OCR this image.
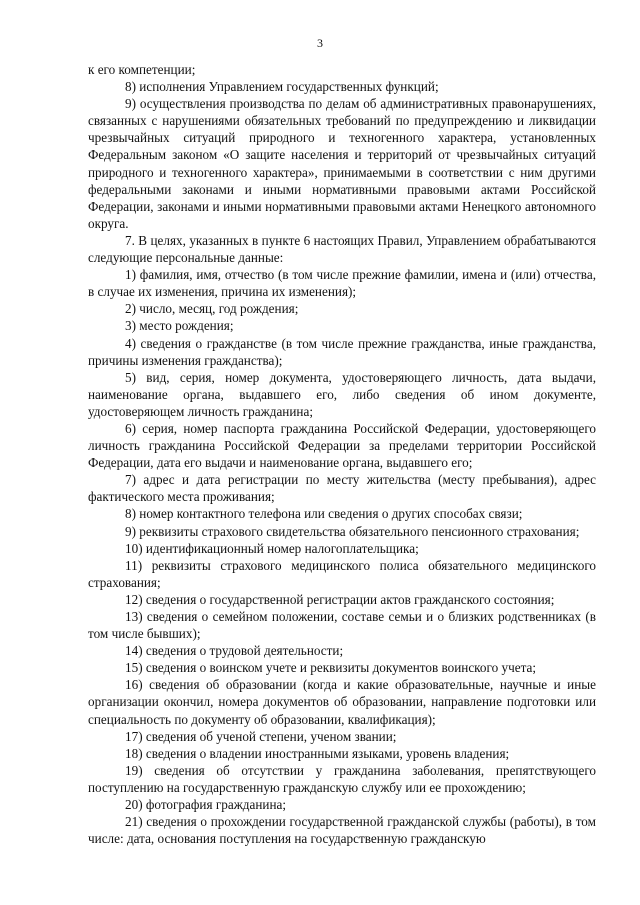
3

к его компетенции;

8) исполнения Управлением государственных функций;

9) осуществления производства по делам об административных правонарушениях, связанных с нарушениями обязательных требований по предупреждению и ликвидации чрезвычайных ситуаций природного и техногенного характера, установленных Федеральным законом «О защите населения и территорий от чрезвычайных ситуаций природного и техногенного характера», принимаемыми в соответствии с ним другими федеральными законами и иными нормативными правовыми актами Российской Федерации, законами и иными нормативными правовыми актами Ненецкого автономного округа.

7. В целях, указанных в пункте 6 настоящих Правил, Управлением обрабатываются следующие персональные данные:

1) фамилия, имя, отчество (в том числе прежние фамилии, имена и (или) отчества, в случае их изменения, причина их изменения);

2) число, месяц, год рождения;

3) место рождения;

4) сведения о гражданстве (в том числе прежние гражданства, иные гражданства, причины изменения гражданства);

5) вид, серия, номер документа, удостоверяющего личность, дата выдачи, наименование органа, выдавшего его, либо сведения об ином документе, удостоверяющем личность гражданина;

6) серия, номер паспорта гражданина Российской Федерации, удостоверяющего личность гражданина Российской Федерации за пределами территории Российской Федерации, дата его выдачи и наименование органа, выдавшего его;

7) адрес и дата регистрации по месту жительства (месту пребывания), адрес фактического места проживания;

8) номер контактного телефона или сведения о других способах связи;

9) реквизиты страхового свидетельства обязательного пенсионного страхования;

10) идентификационный номер налогоплательщика;

11) реквизиты страхового медицинского полиса обязательного медицинского страхования;

12) сведения о государственной регистрации актов гражданского состояния;

13) сведения о семейном положении, составе семьи и о близких родственниках (в том числе бывших);

14) сведения о трудовой деятельности;

15) сведения о воинском учете и реквизиты документов воинского учета;

16) сведения об образовании (когда и какие образовательные, научные и иные организации окончил, номера документов об образовании, направление подготовки или специальность по документу об образовании, квалификация);

17) сведения об ученой степени, ученом звании;

18) сведения о владении иностранными языками, уровень владения;

19) сведения об отсутствии у гражданина заболевания, препятствующего поступлению на государственную гражданскую службу или ее прохождению;

20) фотография гражданина;

21) сведения о прохождении государственной гражданской службы (работы), в том числе: дата, основания поступления на государственную гражданскую
